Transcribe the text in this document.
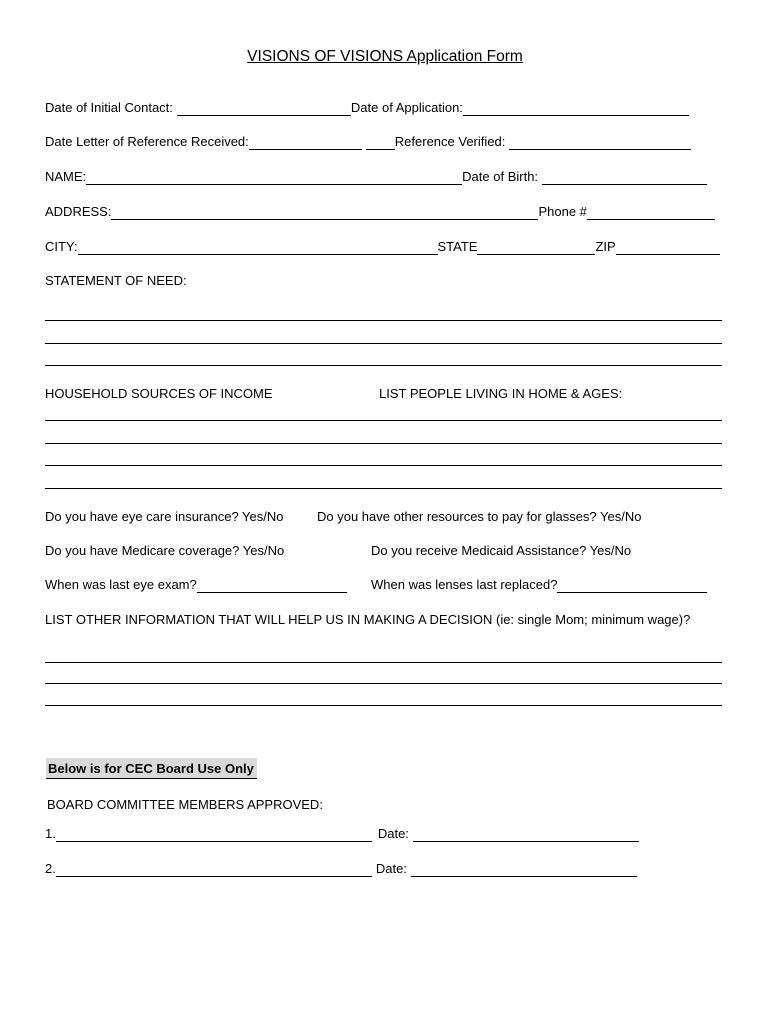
VISIONS OF VISIONS Application Form
Date of Initial Contact:	Date of Application:
Date Letter of Reference Received:	Reference Verified:
NAME:	Date of Birth:
ADDRESS:	Phone #
CITY:	STATE	ZIP
STATEMENT OF NEED:
HOUSEHOLD SOURCES OF INCOME	LIST PEOPLE LIVING IN HOME & AGES:
Do you have eye care insurance? Yes/No	Do you have other resources to pay for glasses? Yes/No
Do you have Medicare coverage? Yes/No	Do you receive Medicaid Assistance? Yes/No
When was last eye exam?	When was lenses last replaced?
LIST OTHER INFORMATION THAT WILL HELP US IN MAKING A DECISION (ie: single Mom; minimum wage)?
Below is for CEC Board Use Only
BOARD COMMITTEE MEMBERS APPROVED:
1.	Date:
2.	Date:
